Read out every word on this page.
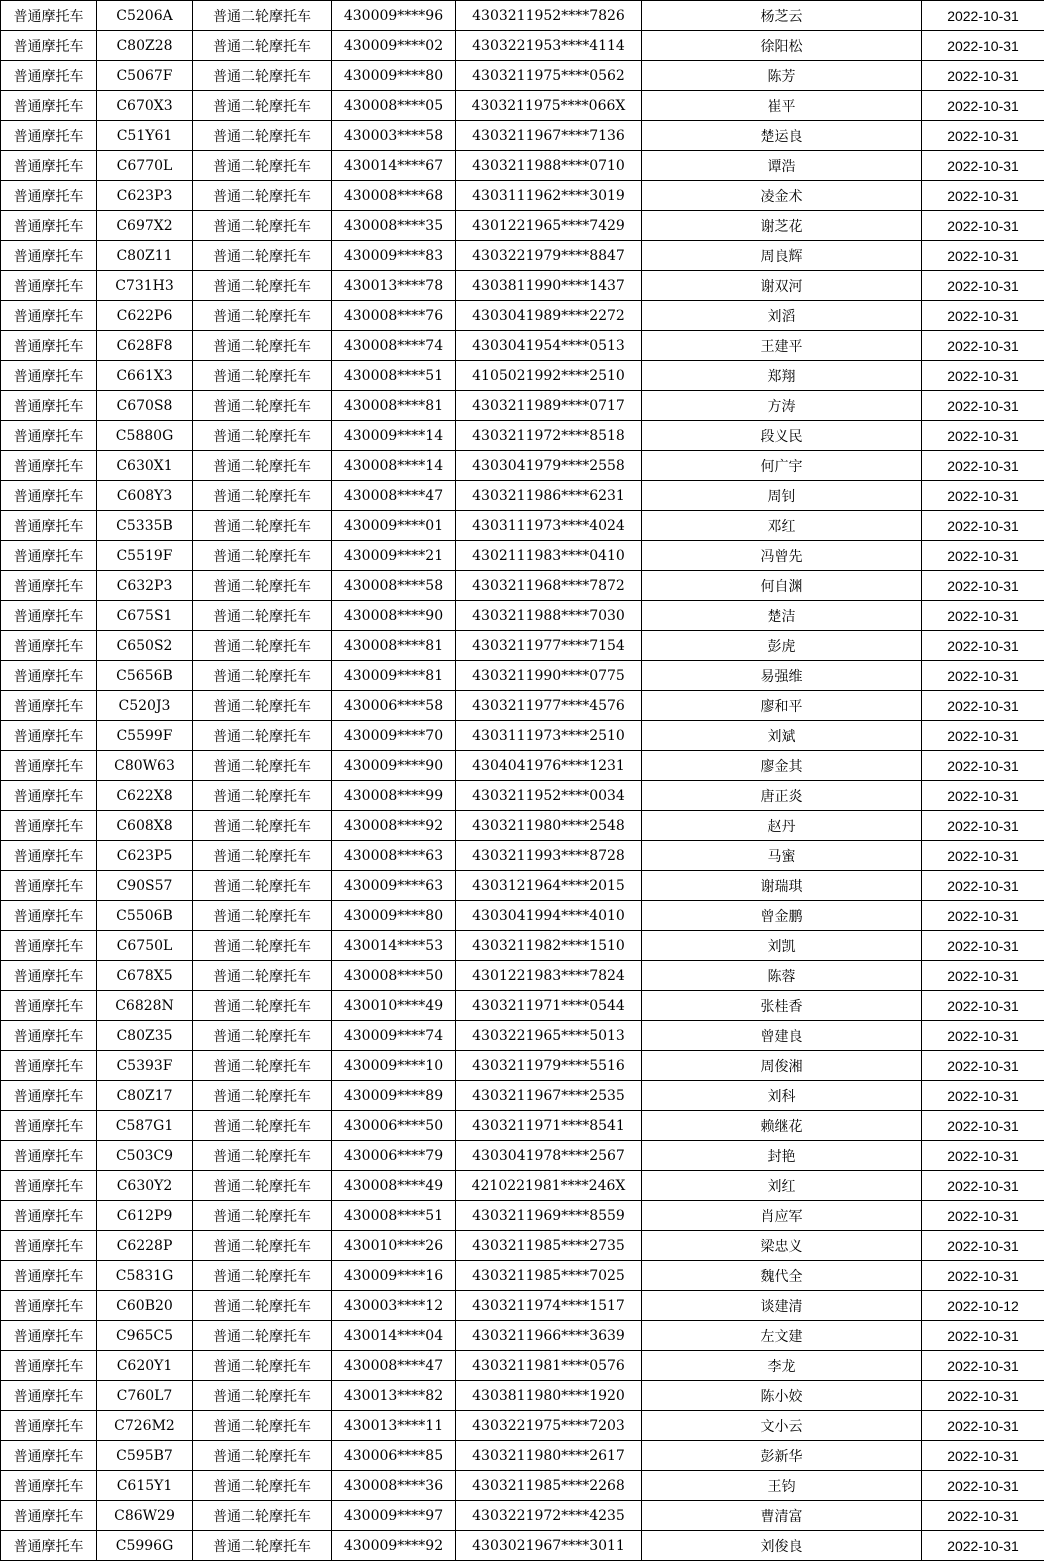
普通摩托车	C5206A	普通二轮摩托车	430009****96	4303211952****7826	杨芝云	2022-10-31
普通摩托车	C80Z28	普通二轮摩托车	430009****02	4303221953****4114	徐阳松	2022-10-31
普通摩托车	C5067F	普通二轮摩托车	430009****80	4303211975****0562	陈芳	2022-10-31
普通摩托车	C670X3	普通二轮摩托车	430008****05	4303211975****066X	崔平	2022-10-31
普通摩托车	C51Y61	普通二轮摩托车	430003****58	4303211967****7136	楚运良	2022-10-31
普通摩托车	C6770L	普通二轮摩托车	430014****67	4303211988****0710	谭浩	2022-10-31
普通摩托车	C623P3	普通二轮摩托车	430008****68	4303111962****3019	凌金术	2022-10-31
普通摩托车	C697X2	普通二轮摩托车	430008****35	4301221965****7429	谢芝花	2022-10-31
普通摩托车	C80Z11	普通二轮摩托车	430009****83	4303221979****8847	周良辉	2022-10-31
普通摩托车	C731H3	普通二轮摩托车	430013****78	4303811990****1437	谢双河	2022-10-31
普通摩托车	C622P6	普通二轮摩托车	430008****76	4303041989****2272	刘滔	2022-10-31
普通摩托车	C628F8	普通二轮摩托车	430008****74	4303041954****0513	王建平	2022-10-31
普通摩托车	C661X3	普通二轮摩托车	430008****51	4105021992****2510	郑翔	2022-10-31
普通摩托车	C670S8	普通二轮摩托车	430008****81	4303211989****0717	方涛	2022-10-31
普通摩托车	C5880G	普通二轮摩托车	430009****14	4303211972****8518	段义民	2022-10-31
普通摩托车	C630X1	普通二轮摩托车	430008****14	4303041979****2558	何广宇	2022-10-31
普通摩托车	C608Y3	普通二轮摩托车	430008****47	4303211986****6231	周钊	2022-10-31
普通摩托车	C5335B	普通二轮摩托车	430009****01	4303111973****4024	邓红	2022-10-31
普通摩托车	C5519F	普通二轮摩托车	430009****21	4302111983****0410	冯曾先	2022-10-31
普通摩托车	C632P3	普通二轮摩托车	430008****58	4303211968****7872	何自渊	2022-10-31
普通摩托车	C675S1	普通二轮摩托车	430008****90	4303211988****7030	楚洁	2022-10-31
普通摩托车	C650S2	普通二轮摩托车	430008****81	4303211977****7154	彭虎	2022-10-31
普通摩托车	C5656B	普通二轮摩托车	430009****81	4303211990****0775	易强维	2022-10-31
普通摩托车	C520J3	普通二轮摩托车	430006****58	4303211977****4576	廖和平	2022-10-31
普通摩托车	C5599F	普通二轮摩托车	430009****70	4303111973****2510	刘斌	2022-10-31
普通摩托车	C80W63	普通二轮摩托车	430009****90	4304041976****1231	廖金其	2022-10-31
普通摩托车	C622X8	普通二轮摩托车	430008****99	4303211952****0034	唐正炎	2022-10-31
普通摩托车	C608X8	普通二轮摩托车	430008****92	4303211980****2548	赵丹	2022-10-31
普通摩托车	C623P5	普通二轮摩托车	430008****63	4303211993****8728	马蜜	2022-10-31
普通摩托车	C90S57	普通二轮摩托车	430009****63	4303121964****2015	谢瑞琪	2022-10-31
普通摩托车	C5506B	普通二轮摩托车	430009****80	4303041994****4010	曾金鹏	2022-10-31
普通摩托车	C6750L	普通二轮摩托车	430014****53	4303211982****1510	刘凯	2022-10-31
普通摩托车	C678X5	普通二轮摩托车	430008****50	4301221983****7824	陈蓉	2022-10-31
普通摩托车	C6828N	普通二轮摩托车	430010****49	4303211971****0544	张桂香	2022-10-31
普通摩托车	C80Z35	普通二轮摩托车	430009****74	4303221965****5013	曾建良	2022-10-31
普通摩托车	C5393F	普通二轮摩托车	430009****10	4303211979****5516	周俊湘	2022-10-31
普通摩托车	C80Z17	普通二轮摩托车	430009****89	4303211967****2535	刘科	2022-10-31
普通摩托车	C587G1	普通二轮摩托车	430006****50	4303211971****8541	赖继花	2022-10-31
普通摩托车	C503C9	普通二轮摩托车	430006****79	4303041978****2567	封艳	2022-10-31
普通摩托车	C630Y2	普通二轮摩托车	430008****49	4210221981****246X	刘红	2022-10-31
普通摩托车	C612P9	普通二轮摩托车	430008****51	4303211969****8559	肖应军	2022-10-31
普通摩托车	C6228P	普通二轮摩托车	430010****26	4303211985****2735	梁忠义	2022-10-31
普通摩托车	C5831G	普通二轮摩托车	430009****16	4303211985****7025	魏代全	2022-10-31
普通摩托车	C60B20	普通二轮摩托车	430003****12	4303211974****1517	谈建清	2022-10-12
普通摩托车	C965C5	普通二轮摩托车	430014****04	4303211966****3639	左文建	2022-10-31
普通摩托车	C620Y1	普通二轮摩托车	430008****47	4303211981****0576	李龙	2022-10-31
普通摩托车	C760L7	普通二轮摩托车	430013****82	4303811980****1920	陈小姣	2022-10-31
普通摩托车	C726M2	普通二轮摩托车	430013****11	4303221975****7203	文小云	2022-10-31
普通摩托车	C595B7	普通二轮摩托车	430006****85	4303211980****2617	彭新华	2022-10-31
普通摩托车	C615Y1	普通二轮摩托车	430008****36	4303211985****2268	王钧	2022-10-31
普通摩托车	C86W29	普通二轮摩托车	430009****97	4303221972****4235	曹清富	2022-10-31
普通摩托车	C5996G	普通二轮摩托车	430009****92	4303021967****3011	刘俊良	2022-10-31
